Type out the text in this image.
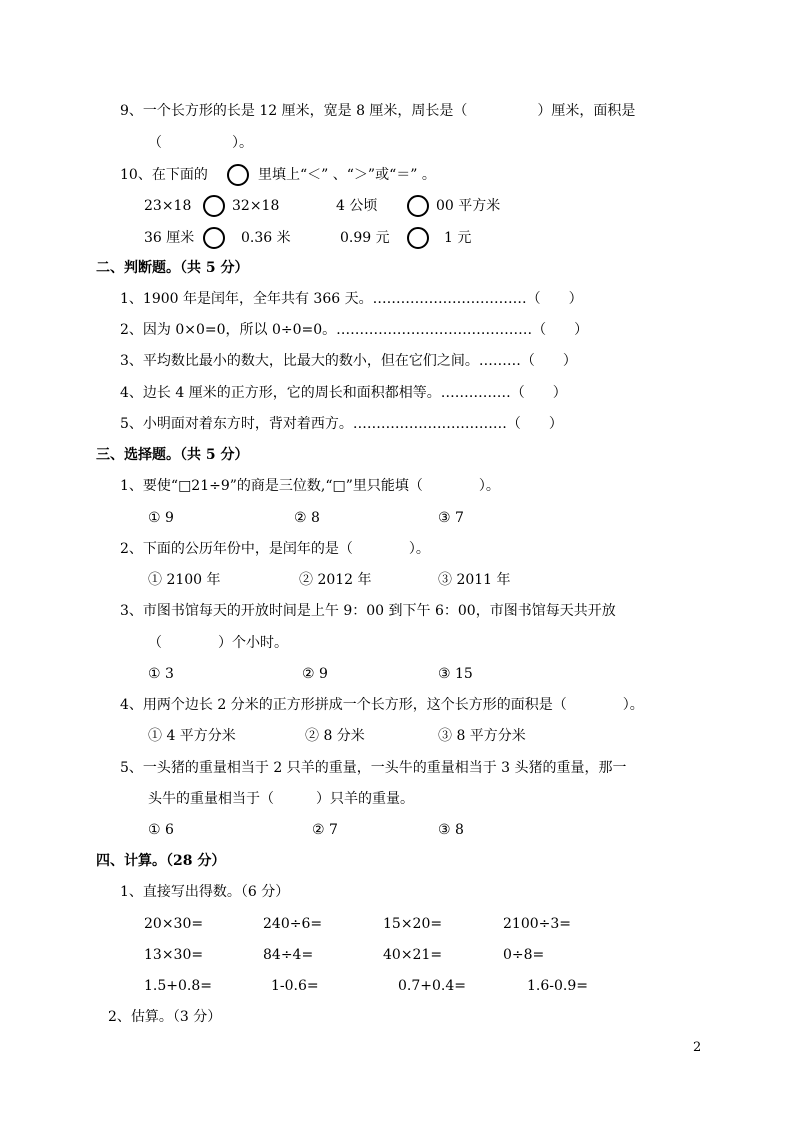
9、一个长方形的长是 12 厘米，宽是 8 厘米，周长是（　　　　　）厘米，面积是
（　　　　　）。
10、在下面的	里填上“＜” 、“＞”或“＝” 。
23×18	32×18	4 公顷	00 平方米
36 厘米	0.36 米	0.99 元	1 元
二、判断题。（共 5 分）
1、1900 年是闰年，全年共有 366 天。……………………………（　　）
2、因为 0×0=0，所以 0÷0=0。……………………………………（　　）
3、平均数比最小的数大，比最大的数小，但在它们之间。………（　　）
4、边长 4 厘米的正方形，它的周长和面积都相等。……………（　　）
5、小明面对着东方时，背对着西方。……………………………（　　）
三、选择题。（共 5 分）
1、要使“□21÷9”的商是三位数,“□”里只能填（　　　　）。
① 9	② 8	③ 7
2、下面的公历年份中，是闰年的是（　　　　）。
① 2100 年	② 2012 年	③ 2011 年
3、市图书馆每天的开放时间是上午 9：00 到下午 6：00，市图书馆每天共开放
（　　　　）个小时。
① 3	② 9	③ 15
4、用两个边长 2 分米的正方形拼成一个长方形，这个长方形的面积是（　　　　）。
① 4 平方分米	② 8 分米	③ 8 平方分米
5、一头猪的重量相当于 2 只羊的重量，一头牛的重量相当于 3 头猪的重量，那一
头牛的重量相当于（　　　）只羊的重量。
① 6	② 7	③ 8
四、计算。（28 分）
1、直接写出得数。（6 分）
20×30=	240÷6=	15×20=	2100÷3=
13×30=	84÷4=	40×21=	0÷8=
1.5+0.8=	1-0.6=	0.7+0.4=	1.6-0.9=
2、估算。（3 分）
2
